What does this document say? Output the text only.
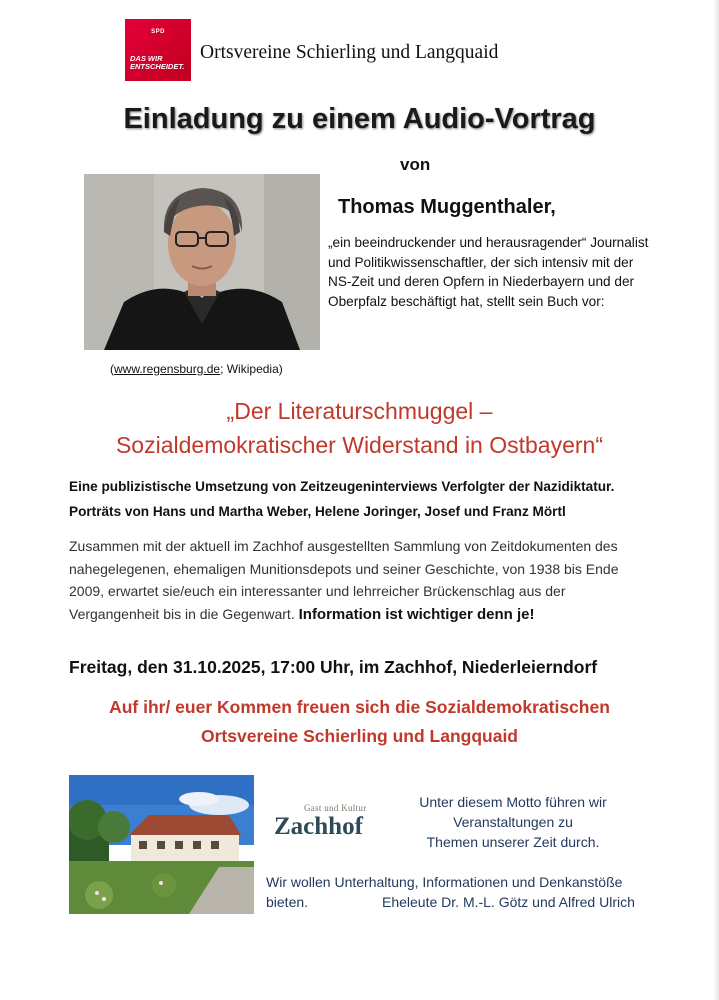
SPD
DAS WIR
ENTSCHEIDET.
Ortsvereine Schierling und Langquaid
Einladung zu einem Audio-Vortrag
von
(www.regensburg.de; Wikipedia)
Thomas Muggenthaler,
„ein beeindruckender und herausragender“ Journalist und Politikwissenschaftler, der sich intensiv mit der NS-Zeit und deren Opfern in Niederbayern und der Oberpfalz beschäftigt hat, stellt sein Buch vor:
„Der Literaturschmuggel –
Sozialdemokratischer Widerstand in Ostbayern“
Eine publizistische Umsetzung von Zeitzeugeninterviews Verfolgter der Nazidiktatur.
Porträts von Hans und Martha Weber, Helene Joringer, Josef und Franz Mörtl
Zusammen mit der aktuell im Zachhof ausgestellten Sammlung von Zeitdokumenten des nahegelegenen, ehemaligen Munitionsdepots und seiner Geschichte, von 1938 bis Ende 2009, erwartet sie/euch ein interessanter und lehrreicher Brückenschlag aus der Vergangenheit bis in die Gegenwart. Information ist wichtiger denn je!
Freitag, den 31.10.2025, 17:00 Uhr, im Zachhof, Niederleierndorf
Auf ihr/ euer Kommen freuen sich die Sozialdemokratischen
Ortsvereine Schierling und Langquaid
Gast und Kultur
Zachhof
Unter diesem Motto führen wir
Veranstaltungen zu
Themen unserer Zeit durch.
Wir wollen Unterhaltung, Informationen und Denkanstöße
bieten.	Eheleute Dr. M.-L. Götz und Alfred Ulrich
